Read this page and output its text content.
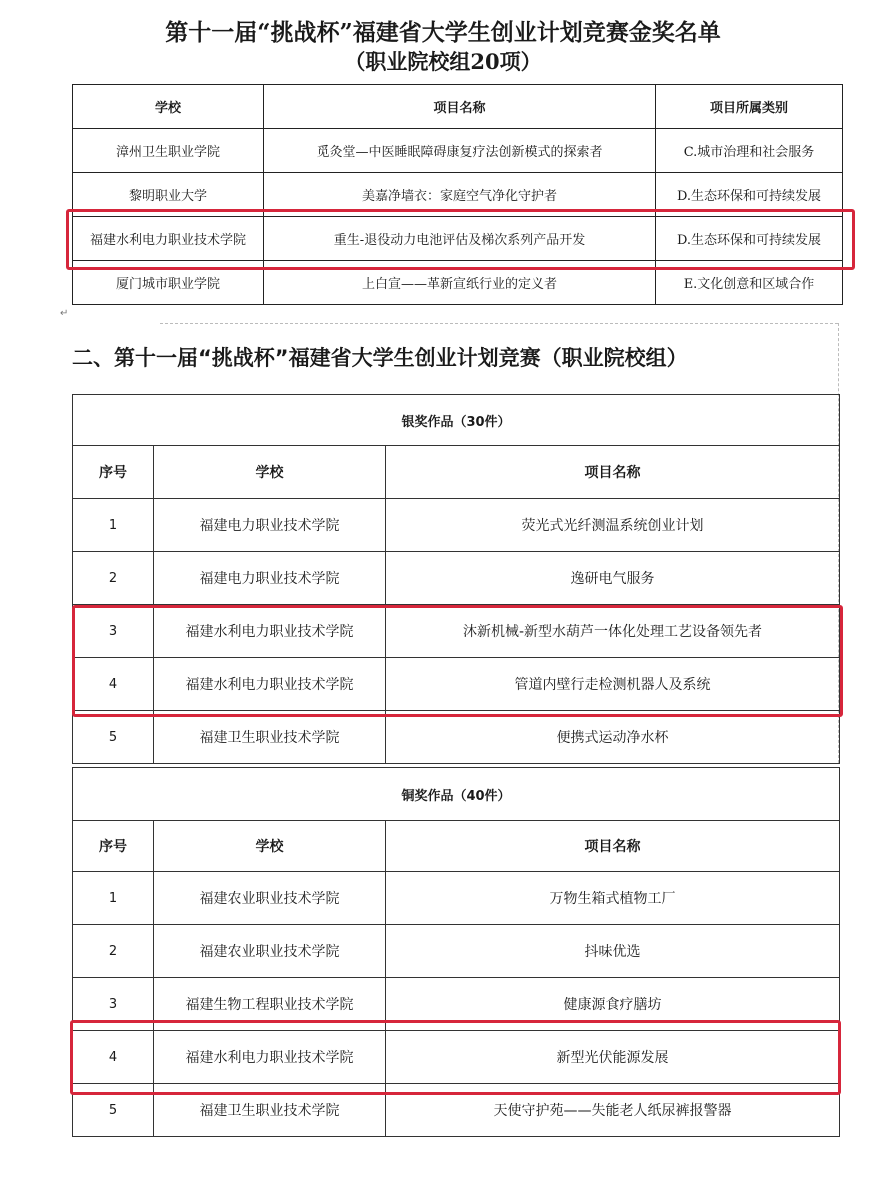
第十一届“挑战杯”福建省大学生创业计划竞赛金奖名单
（职业院校组20项）
学校	项目名称	项目所属类别
漳州卫生职业学院	觅灸堂—中医睡眠障碍康复疗法创新模式的探索者	C.城市治理和社会服务
黎明职业大学	美嘉净墙衣：家庭空气净化守护者	D.生态环保和可持续发展
福建水利电力职业技术学院	重生-退役动力电池评估及梯次系列产品开发	D.生态环保和可持续发展
厦门城市职业学院	上白宣——革新宣纸行业的定义者	E.文化创意和区域合作
↵
二、第十一届“挑战杯”福建省大学生创业计划竞赛（职业院校组）
银奖作品（30件）		
序号	学校	项目名称
1	福建电力职业技术学院	荧光式光纤测温系统创业计划
2	福建电力职业技术学院	逸研电气服务
3	福建水利电力职业技术学院	沐新机械-新型水葫芦一体化处理工艺设备领先者
4	福建水利电力职业技术学院	管道内壁行走检测机器人及系统
5	福建卫生职业技术学院	便携式运动净水杯
铜奖作品（40件）		
序号	学校	项目名称
1	福建农业职业技术学院	万物生箱式植物工厂
2	福建农业职业技术学院	抖味优选
3	福建生物工程职业技术学院	健康源食疗膳坊
4	福建水利电力职业技术学院	新型光伏能源发展
5	福建卫生职业技术学院	天使守护苑——失能老人纸尿裤报警器
